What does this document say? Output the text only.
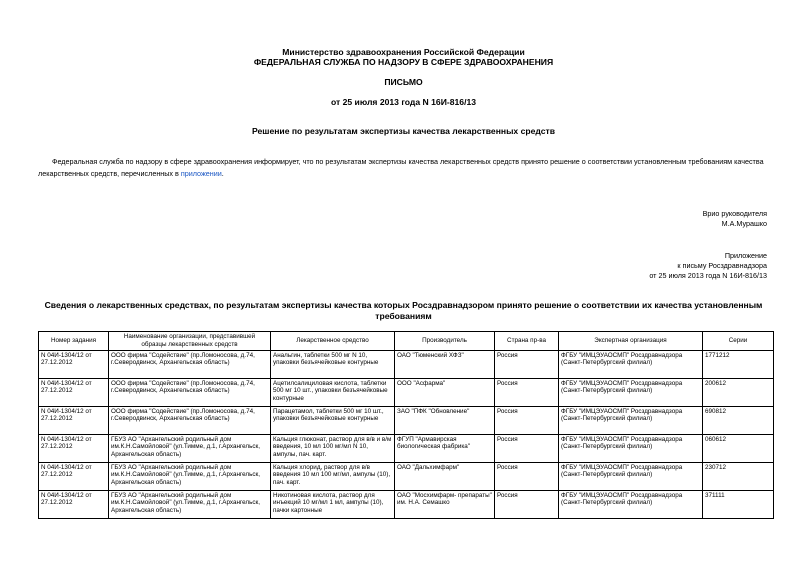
Министерство здравоохранения Российской Федерации
ФЕДЕРАЛЬНАЯ СЛУЖБА ПО НАДЗОРУ В СФЕРЕ ЗДРАВООХРАНЕНИЯ
ПИСЬМО
от 25 июля 2013 года N 16И-816/13
Решение по результатам экспертизы качества лекарственных средств
Федеральная служба по надзору в сфере здравоохранения информирует, что по результатам экспертизы качества лекарственных средств принято решение о соответствии установленным требованиям качества лекарственных средств, перечисленных в приложении.
Врио руководителя
М.А.Мурашко
Приложение
к письму Росздравнадзора
от 25 июля 2013 года N 16И-816/13
Сведения о лекарственных средствах, по результатам экспертизы качества которых Росздравнадзором принято решение о соответствии их качества установленным требованиям
Номер задания	Наименование организации, представившей образцы лекарственных средств	Лекарственное средство	Производитель	Страна пр-ва	Экспертная организация	Серии
N 04И-1304/12 от 27.12.2012	ООО фирма "Содействие" (пр.Ломоносова, д.74, г.Северодвинск, Архангельская область)	Анальгин, таблетки 500 мг N 10, упаковки безъячейковые контурные	ОАО "Тюменский ХФЗ"	Россия	ФГБУ "ИМЦЭУАОСМП" Росздравнадзора (Санкт-Петербургский филиал)	1771212
N 04И-1304/12 от 27.12.2012	ООО фирма "Содействие" (пр.Ломоносова, д.74, г.Северодвинск, Архангельская область)	Ацетилсалициловая кислота, таблетки 500 мг 10 шт., упаковки безъячейковые контурные	ООО "Асфарма"	Россия	ФГБУ "ИМЦЭУАОСМП" Росздравнадзора (Санкт-Петербургский филиал)	200612
N 04И-1304/12 от 27.12.2012	ООО фирма "Содействие" (пр.Ломоносова, д.74, г.Северодвинск, Архангельская область)	Парацетамол, таблетки 500 мг 10 шт., упаковки безъячейковые контурные	ЗАО "ПФК "Обновление"	Россия	ФГБУ "ИМЦЭУАОСМП" Росздравнадзора (Санкт-Петербургский филиал)	690812
N 04И-1304/12 от 27.12.2012	ГБУЗ АО "Архангельский родильный дом им.К.Н.Самойловой" (ул.Тимме, д.1, г.Архангельск, Архангельская область)	Кальция глюконат, раствор для в/в и в/м введения, 10 мл 100 мг/мл N 10, ампулы, пач. карт.	ФГУП "Армавирская биологическая фабрика"	Россия	ФГБУ "ИМЦЭУАОСМП" Росздравнадзора (Санкт-Петербургский филиал)	060612
N 04И-1304/12 от 27.12.2012	ГБУЗ АО "Архангельский родильный дом им.К.Н.Самойловой" (ул.Тимме, д.1, г.Архангельск, Архангельская область)	Кальция хлорид, раствор для в/в введения 10 мл 100 мг/мл, ампулы (10), пач. карт.	ОАО "Дальхимфарм"	Россия	ФГБУ "ИМЦЭУАОСМП" Росздравнадзора (Санкт-Петербургский филиал)	230712
N 04И-1304/12 от 27.12.2012	ГБУЗ АО "Архангельский родильный дом им.К.Н.Самойловой" (ул.Тимме, д.1, г.Архангельск, Архангельская область)	Никотиновая кислота, раствор для инъекций 10 мг/мл 1 мл, ампулы (10), пачки картонные	ОАО "Мосхимфарм- препараты" им. Н.А. Семашко	Россия	ФГБУ "ИМЦЭУАОСМП" Росздравнадзора (Санкт-Петербургский филиал)	371111
